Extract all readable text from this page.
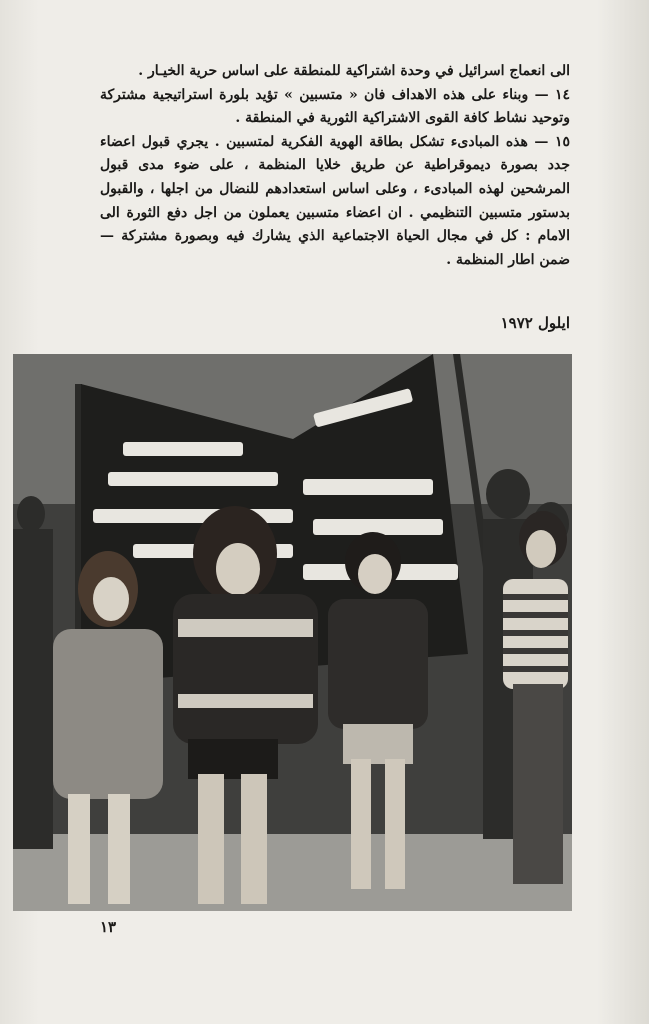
الى انعماج اسرائيل في وحدة اشتراكية للمنطقة على اساس حرية الخيـار .

١٤ — وبناء على هذه الاهداف فان « متسبين » تؤيد بلورة استراتيجية مشتركة وتوحيد نشاط كافة القوى الاشتراكية الثورية في المنطقة .

١٥ — هذه المبادىء تشكل بطاقة الهوية الفكرية لمتسبين . يجري قبول اعضاء جدد بصورة ديموقراطية عن طريق خلايا المنظمة ، على ضوء مدى قبول المرشحين لهذه المبادىء ، وعلى اساس استعدادهم للنضال من اجلها ، والقبول بدستور متسبين التنظيمي . ان اعضاء متسبين يعملون من اجل دفع الثورة الى الامام : كل في مجال الحياة الاجتماعية الذي يشارك فيه وبصورة مشتركة — ضمن اطار المنظمة .

ايلول ١٩٧٢
١٣
